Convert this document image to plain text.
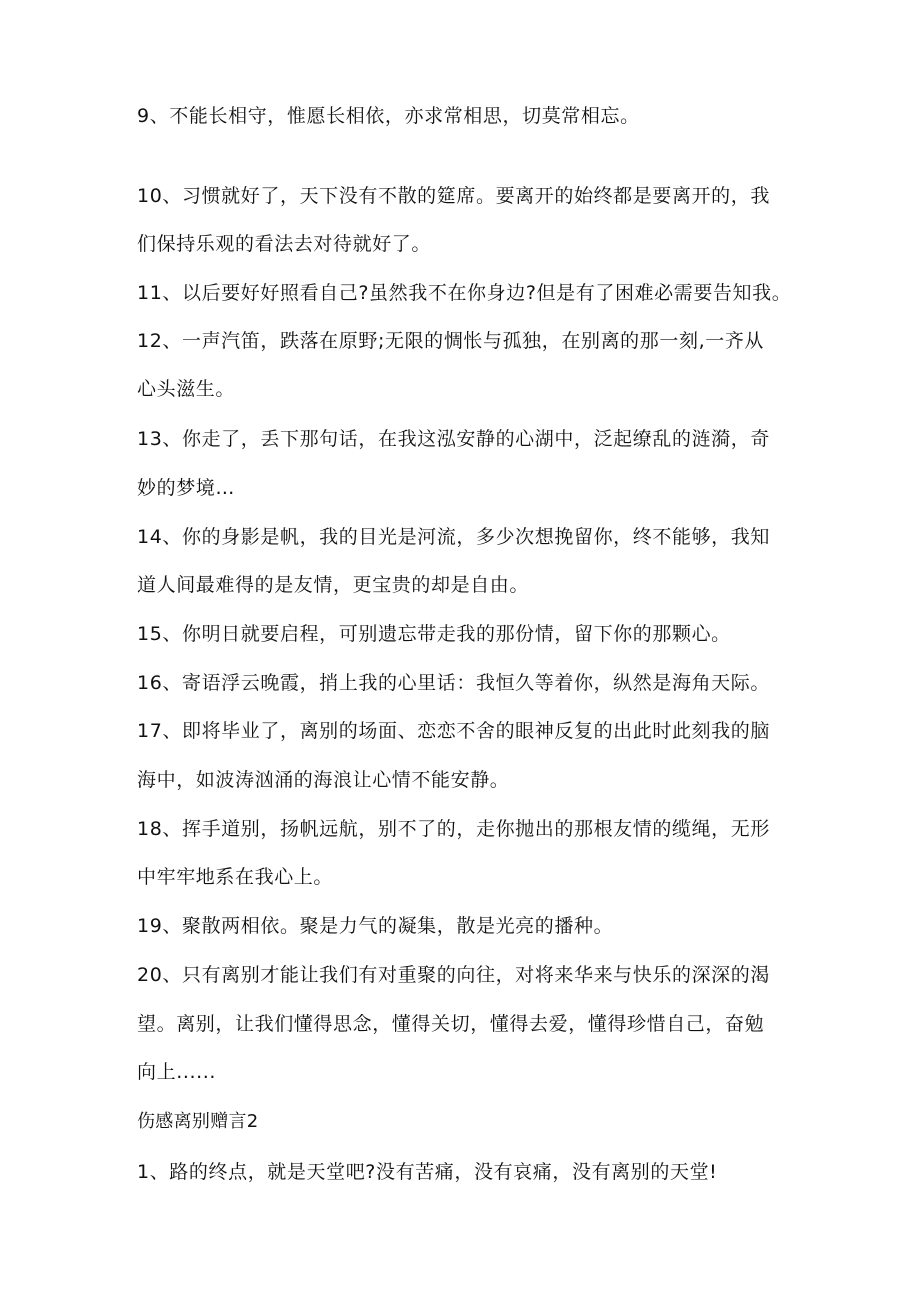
9、不能长相守，惟愿长相依，亦求常相思，切莫常相忘。
10、习惯就好了，天下没有不散的筵席。要离开的始终都是要离开的，我
们保持乐观的看法去对待就好了。
11、以后要好好照看自己?虽然我不在你身边?但是有了困难必需要告知我。
12、一声汽笛，跌落在原野;无限的惆怅与孤独，在别离的那一刻,一齐从
心头滋生。
13、你走了，丢下那句话，在我这泓安静的心湖中，泛起缭乱的涟漪，奇
妙的梦境…
14、你的身影是帆，我的目光是河流，多少次想挽留你，终不能够，我知
道人间最难得的是友情，更宝贵的却是自由。
15、你明日就要启程，可别遗忘带走我的那份情，留下你的那颗心。
16、寄语浮云晚霞，捎上我的心里话：我恒久等着你，纵然是海角天际。
17、即将毕业了，离别的场面、恋恋不舍的眼神反复的出此时此刻我的脑
海中，如波涛汹涌的海浪让心情不能安静。
18、挥手道别，扬帆远航，别不了的，走你抛出的那根友情的缆绳，无形
中牢牢地系在我心上。
19、聚散两相依。聚是力气的凝集，散是光亮的播种。
20、只有离别才能让我们有对重聚的向往，对将来华来与快乐的深深的渴
望。离别，让我们懂得思念，懂得关切，懂得去爱，懂得珍惜自己，奋勉
向上......
伤感离别赠言2
1、路的终点，就是天堂吧?没有苦痛，没有哀痛，没有离别的天堂!
